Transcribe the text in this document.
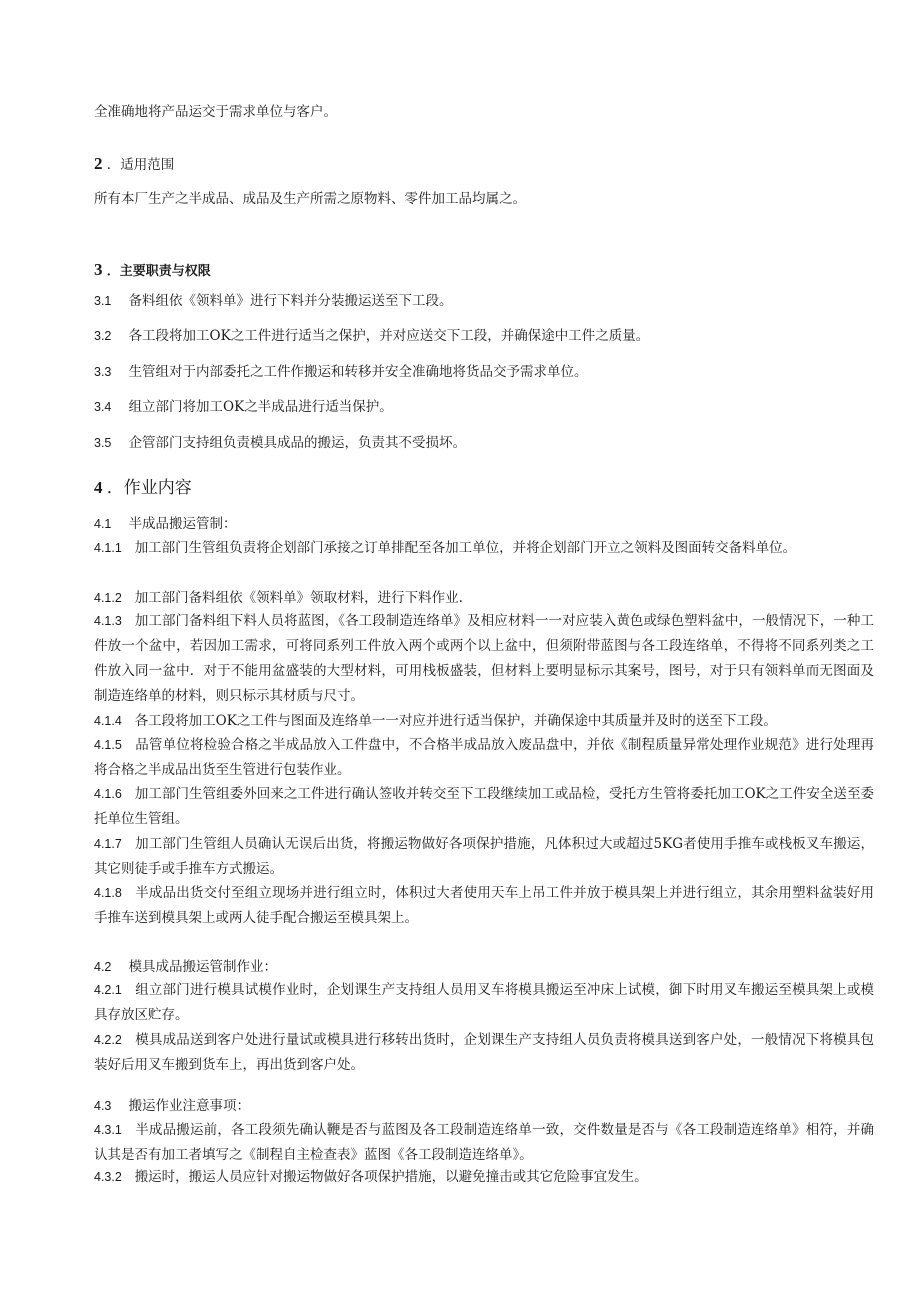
全准确地将产品运交于需求单位与客户。
2 ．适用范围
所有本厂生产之半成品、成品及生产所需之原物料、零件加工品均属之。
3 ．主要职责与权限
3.1 备料组依《领料单》进行下料并分装搬运送至下工段。
3.2 各工段将加工OK之工件进行适当之保护，并对应送交下工段，并确保途中工件之质量。
3.3 生管组对于内部委托之工件作搬运和转移并安全准确地将货品交予需求单位。
3.4 组立部门将加工OK之半成品进行适当保护。
3.5 企管部门支持组负责模具成品的搬运，负责其不受损坏。
4 ．作业内容
4.1 半成品搬运管制：
4.1.1 加工部门生管组负责将企划部门承接之订单排配至各加工单位，并将企划部门开立之领料及图面转交备料单位。
4.1.2 加工部门备料组依《领料单》领取材料，进行下料作业.
4.1.3 加工部门备料组下料人员将蓝图，《各工段制造连络单》及相应材料一一对应装入黄色或绿色塑料盆中，一般情况下，一种工件放一个盆中，若因加工需求，可将同系列工件放入两个或两个以上盆中，但须附带蓝图与各工段连络单，不得将不同系列类之工件放入同一盆中．对于不能用盆盛装的大型材料，可用栈板盛装，但材料上要明显标示其案号，图号，对于只有领料单而无图面及制造连络单的材料，则只标示其材质与尺寸。
4.1.4 各工段将加工OK之工件与图面及连络单一一对应并进行适当保护，并确保途中其质量并及时的送至下工段。
4.1.5 品管单位将检验合格之半成品放入工件盘中，不合格半成品放入废品盘中，并依《制程质量异常处理作业规范》进行处理再将合格之半成品出货至生管进行包装作业。
4.1.6 加工部门生管组委外回来之工件进行确认签收并转交至下工段继续加工或品检，受托方生管将委托加工OK之工件安全送至委托单位生管组。
4.1.7 加工部门生管组人员确认无误后出货，将搬运物做好各项保护措施，凡体积过大或超过5KG者使用手推车或栈板叉车搬运，其它则徒手或手推车方式搬运。
4.1.8 半成品出货交付至组立现场并进行组立时，体积过大者使用天车上吊工件并放于模具架上并进行组立，其余用塑料盆装好用手推车送到模具架上或两人徒手配合搬运至模具架上。
4.2 模具成品搬运管制作业：
4.2.1 组立部门进行模具试模作业时，企划课生产支持组人员用叉车将模具搬运至冲床上试模，御下时用叉车搬运至模具架上或模具存放区贮存。
4.2.2 模具成品送到客户处进行量试或模具进行移转出货时，企划课生产支持组人员负责将模具送到客户处，一般情况下将模具包装好后用叉车搬到货车上，再出货到客户处。
4.3 搬运作业注意事项：
4.3.1 半成品搬运前，各工段须先确认鞭是否与蓝图及各工段制造连络单一致，交件数量是否与《各工段制造连络单》相符，并确认其是否有加工者填写之《制程自主检查表》蓝图《各工段制造连络单》。
4.3.2 搬运时，搬运人员应针对搬运物做好各项保护措施，以避免撞击或其它危险事宜发生。
